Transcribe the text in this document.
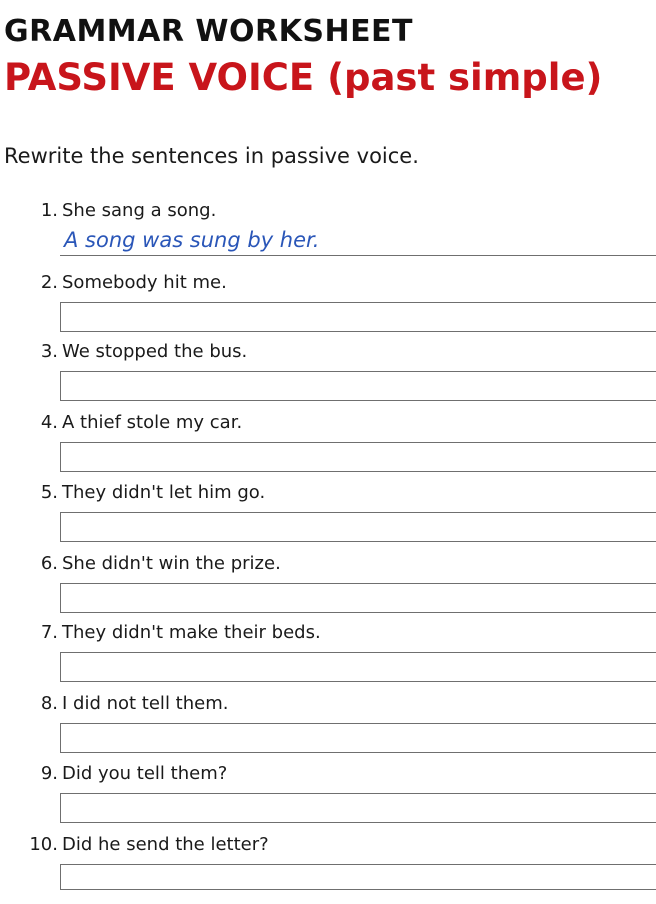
GRAMMAR WORKSHEET
PASSIVE VOICE (past simple)
Rewrite the sentences in passive voice.
1. She sang a song.
A song was sung by her.
2. Somebody hit me.
3. We stopped the bus.
4. A thief stole my car.
5. They didn't let him go.
6. She didn't win the prize.
7. They didn't make their beds.
8. I did not tell them.
9. Did you tell them?
10. Did he send the letter?
